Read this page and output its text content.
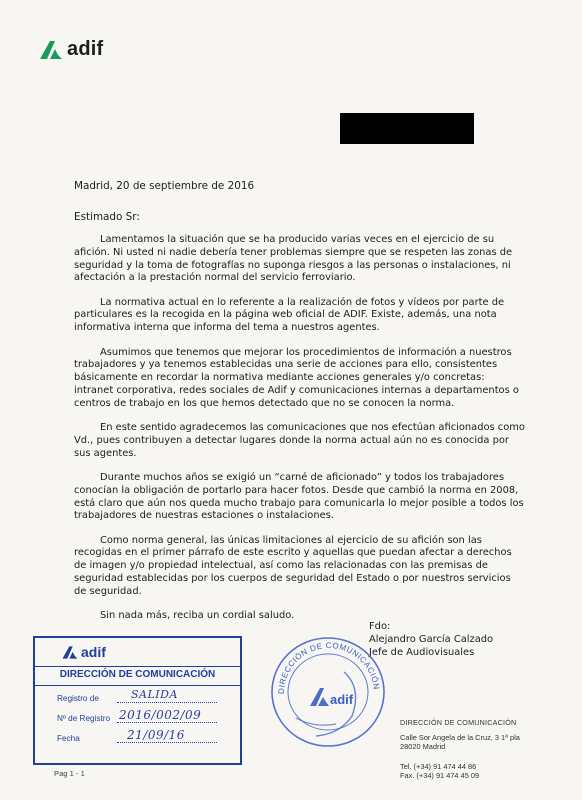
adif
Madrid, 20 de septiembre de 2016
Estimado Sr:

Lamentamos la situación que se ha producido varias veces en el ejercicio de su afición. Ni usted ni nadie debería tener problemas siempre que se respeten las zonas de seguridad y la toma de fotografías no suponga riesgos a las personas o instalaciones, ni afectación a la prestación normal del servicio ferroviario.

La normativa actual en lo referente a la realización de fotos y vídeos por parte de particulares es la recogida en la página web oficial de ADIF. Existe, además, una nota informativa interna que informa del tema a nuestros agentes.

Asumimos que tenemos que mejorar los procedimientos de información a nuestros trabajadores y ya tenemos establecidas una serie de acciones para ello, consistentes básicamente en recordar la normativa mediante acciones generales y/o concretas: intranet corporativa, redes sociales de Adif y comunicaciones internas a departamentos o centros de trabajo en los que hemos detectado que no se conocen la norma.

En este sentido agradecemos las comunicaciones que nos efectúan aficionados como Vd., pues contribuyen a detectar lugares donde la norma actual aún no es conocida por sus agentes.

Durante muchos años se exigió un “carné de aficionado” y todos los trabajadores conocían la obligación de portarlo para hacer fotos. Desde que cambió la norma en 2008, está claro que aún nos queda mucho trabajo para comunicarla lo mejor posible a todos los trabajadores de nuestras estaciones o instalaciones.

Como norma general, las únicas limitaciones al ejercicio de su afición son las recogidas en el primer párrafo de este escrito y aquellas que puedan afectar a derechos de imagen y/o propiedad intelectual, así como las relacionadas con las premisas de seguridad establecidas por los cuerpos de seguridad del Estado o por nuestros servicios de seguridad.

Sin nada más, reciba un cordial saludo.

Fdo:
Alejandro García Calzado
Jefe de Audiovisuales
adif
DIRECCIÓN DE COMUNICACIÓN
Registro de	SALIDA
Nº de Registro 2016/002/09
Fecha	21/09/16
DIRECCIÓN DE COMUNICACIÓN
adif
DIRECCIÓN DE COMUNICACIÓN
Calle Sor Angela de la Cruz, 3 1ª pla
28020 Madrid
Tel. (+34) 91 474 44 86
Fax. (+34) 91 474 45 09
Pag 1 - 1
